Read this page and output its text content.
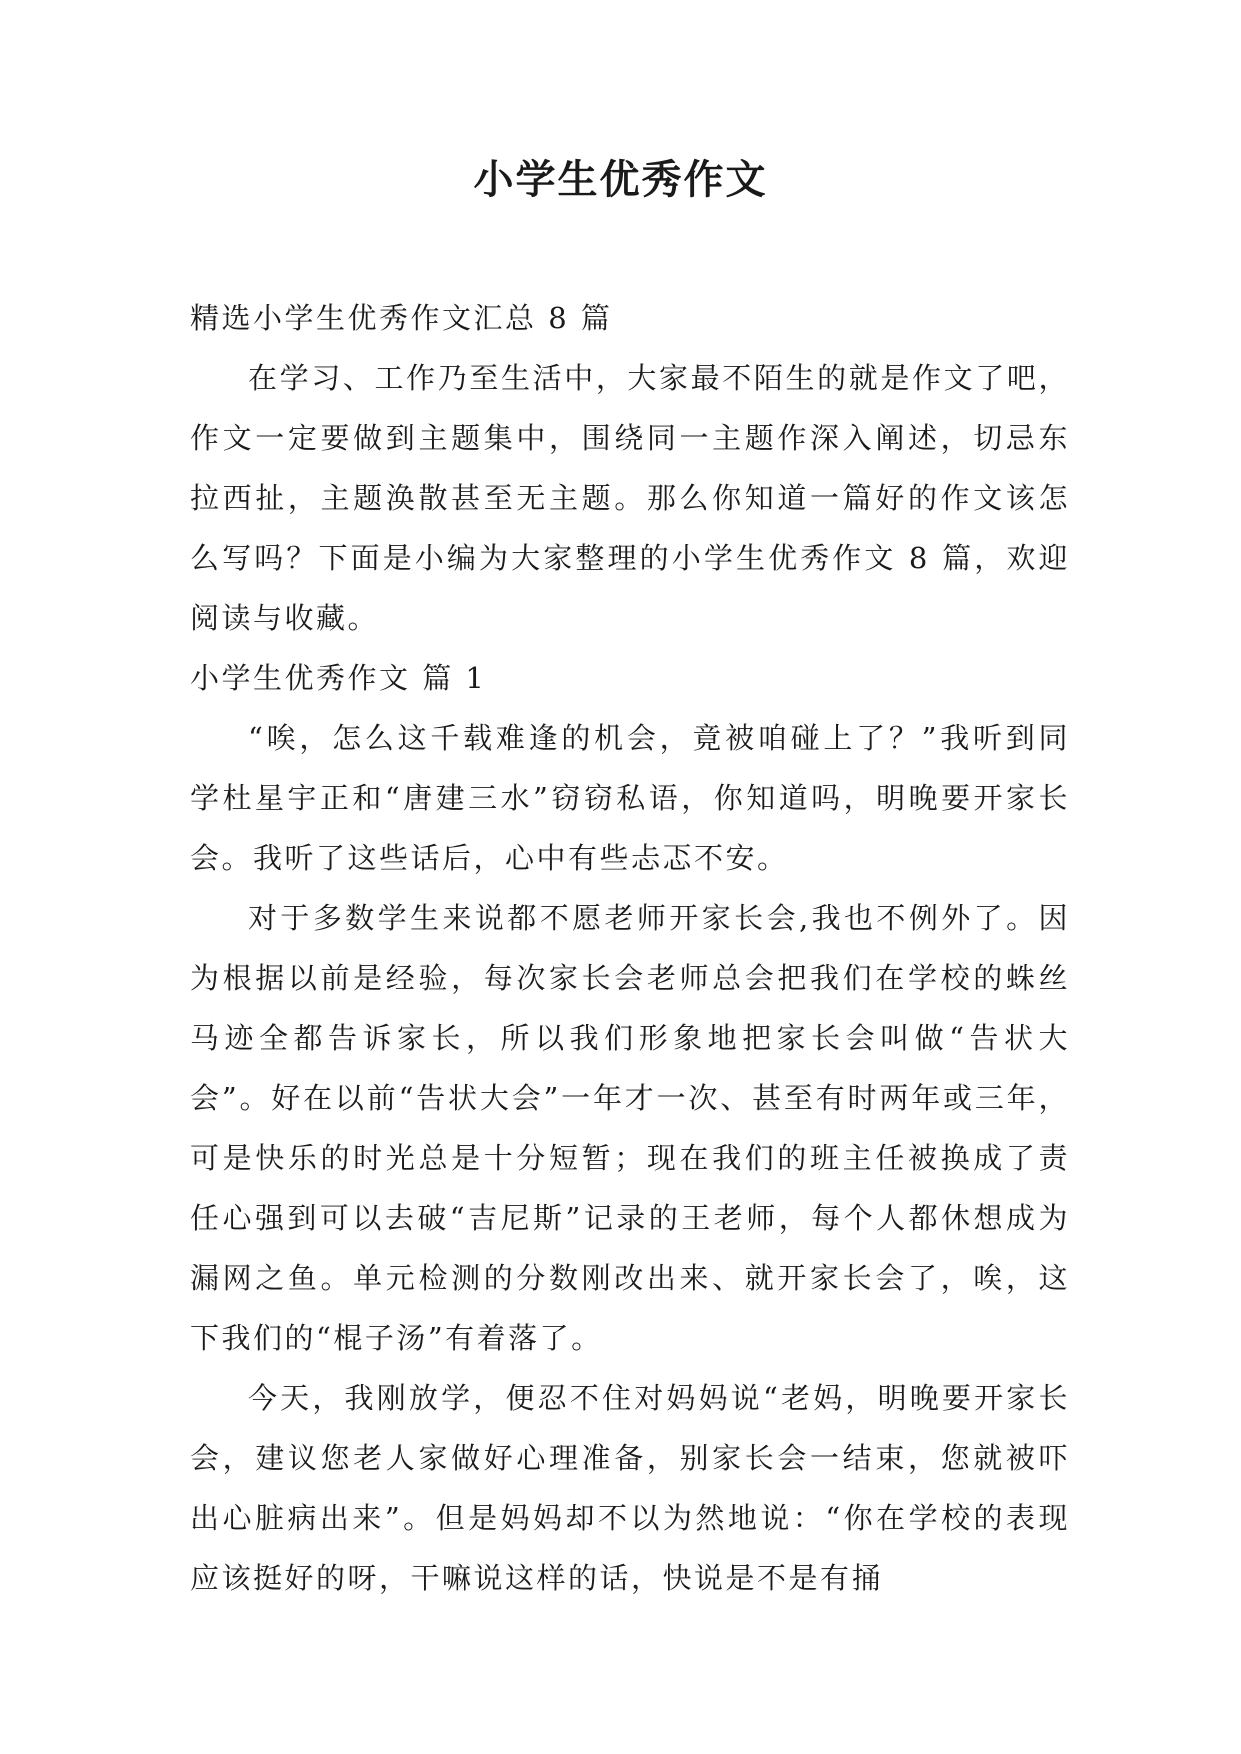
小学生优秀作文

精选小学生优秀作文汇总 8 篇

在学习、工作乃至生活中，大家最不陌生的就是作文了吧，作文一定要做到主题集中，围绕同一主题作深入阐述，切忌东拉西扯，主题涣散甚至无主题。那么你知道一篇好的作文该怎么写吗？下面是小编为大家整理的小学生优秀作文 8 篇，欢迎阅读与收藏。

小学生优秀作文 篇 1

“唉，怎么这千载难逢的机会，竟被咱碰上了？”我听到同学杜星宇正和“唐建三水”窃窃私语，你知道吗，明晚要开家长会。我听了这些话后，心中有些忐忑不安。

对于多数学生来说都不愿老师开家长会,我也不例外了。因为根据以前是经验，每次家长会老师总会把我们在学校的蛛丝马迹全都告诉家长，所以我们形象地把家长会叫做“告状大会”。好在以前“告状大会”一年才一次、甚至有时两年或三年，可是快乐的时光总是十分短暂；现在我们的班主任被换成了责任心强到可以去破“吉尼斯”记录的王老师，每个人都休想成为漏网之鱼。单元检测的分数刚改出来、就开家长会了，唉，这下我们的“棍子汤”有着落了。

今天，我刚放学，便忍不住对妈妈说“老妈，明晚要开家长会，建议您老人家做好心理准备，别家长会一结束，您就被吓出心脏病出来”。但是妈妈却不以为然地说：“你在学校的表现应该挺好的呀，干嘛说这样的话，快说是不是有捅
